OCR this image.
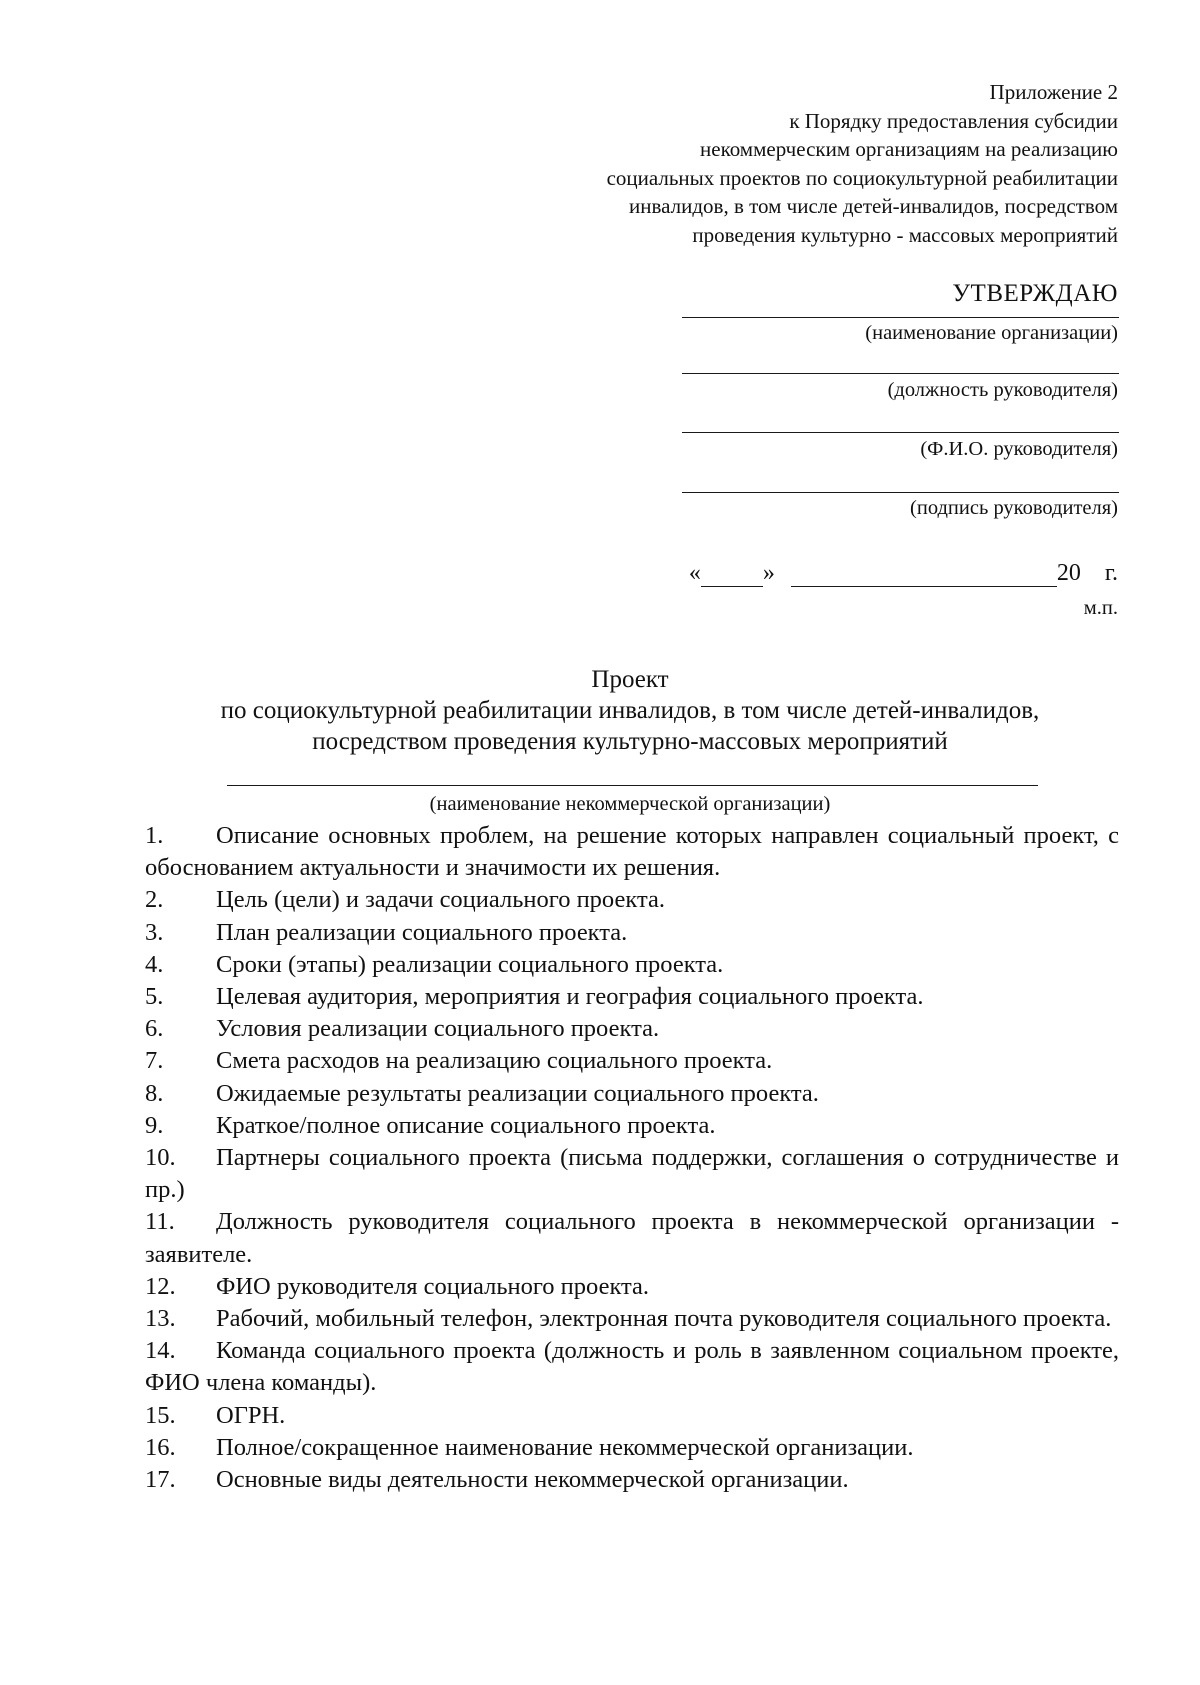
Приложение 2
к Порядку предоставления субсидии
некоммерческим организациям на реализацию
социальных проектов по социокультурной реабилитации
инвалидов, в том числе детей-инвалидов, посредством
проведения культурно - массовых мероприятий
УТВЕРЖДАЮ
(наименование организации)
(должность руководителя)
(Ф.И.О. руководителя)
(подпись руководителя)
«	»	20 г.
м.п.
Проект
по социокультурной реабилитации инвалидов, в том числе детей-инвалидов,
посредством проведения культурно-массовых мероприятий
(наименование некоммерческой организации)
1. Описание основных проблем, на решение которых направлен социальный проект, с обоснованием актуальности и значимости их решения.
2. Цель (цели) и задачи социального проекта.
3. План реализации социального проекта.
4. Сроки (этапы) реализации социального проекта.
5. Целевая аудитория, мероприятия и география социального проекта.
6. Условия реализации социального проекта.
7. Смета расходов на реализацию социального проекта.
8. Ожидаемые результаты реализации социального проекта.
9. Краткое/полное описание социального проекта.
10. Партнеры социального проекта (письма поддержки, соглашения о сотрудничестве и пр.)
11. Должность руководителя социального проекта в некоммерческой организации - заявителе.
12. ФИО руководителя социального проекта.
13. Рабочий, мобильный телефон, электронная почта руководителя социального проекта.
14. Команда социального проекта (должность и роль в заявленном социальном проекте, ФИО члена команды).
15. ОГРН.
16. Полное/сокращенное наименование некоммерческой организации.
17. Основные виды деятельности некоммерческой организации.
